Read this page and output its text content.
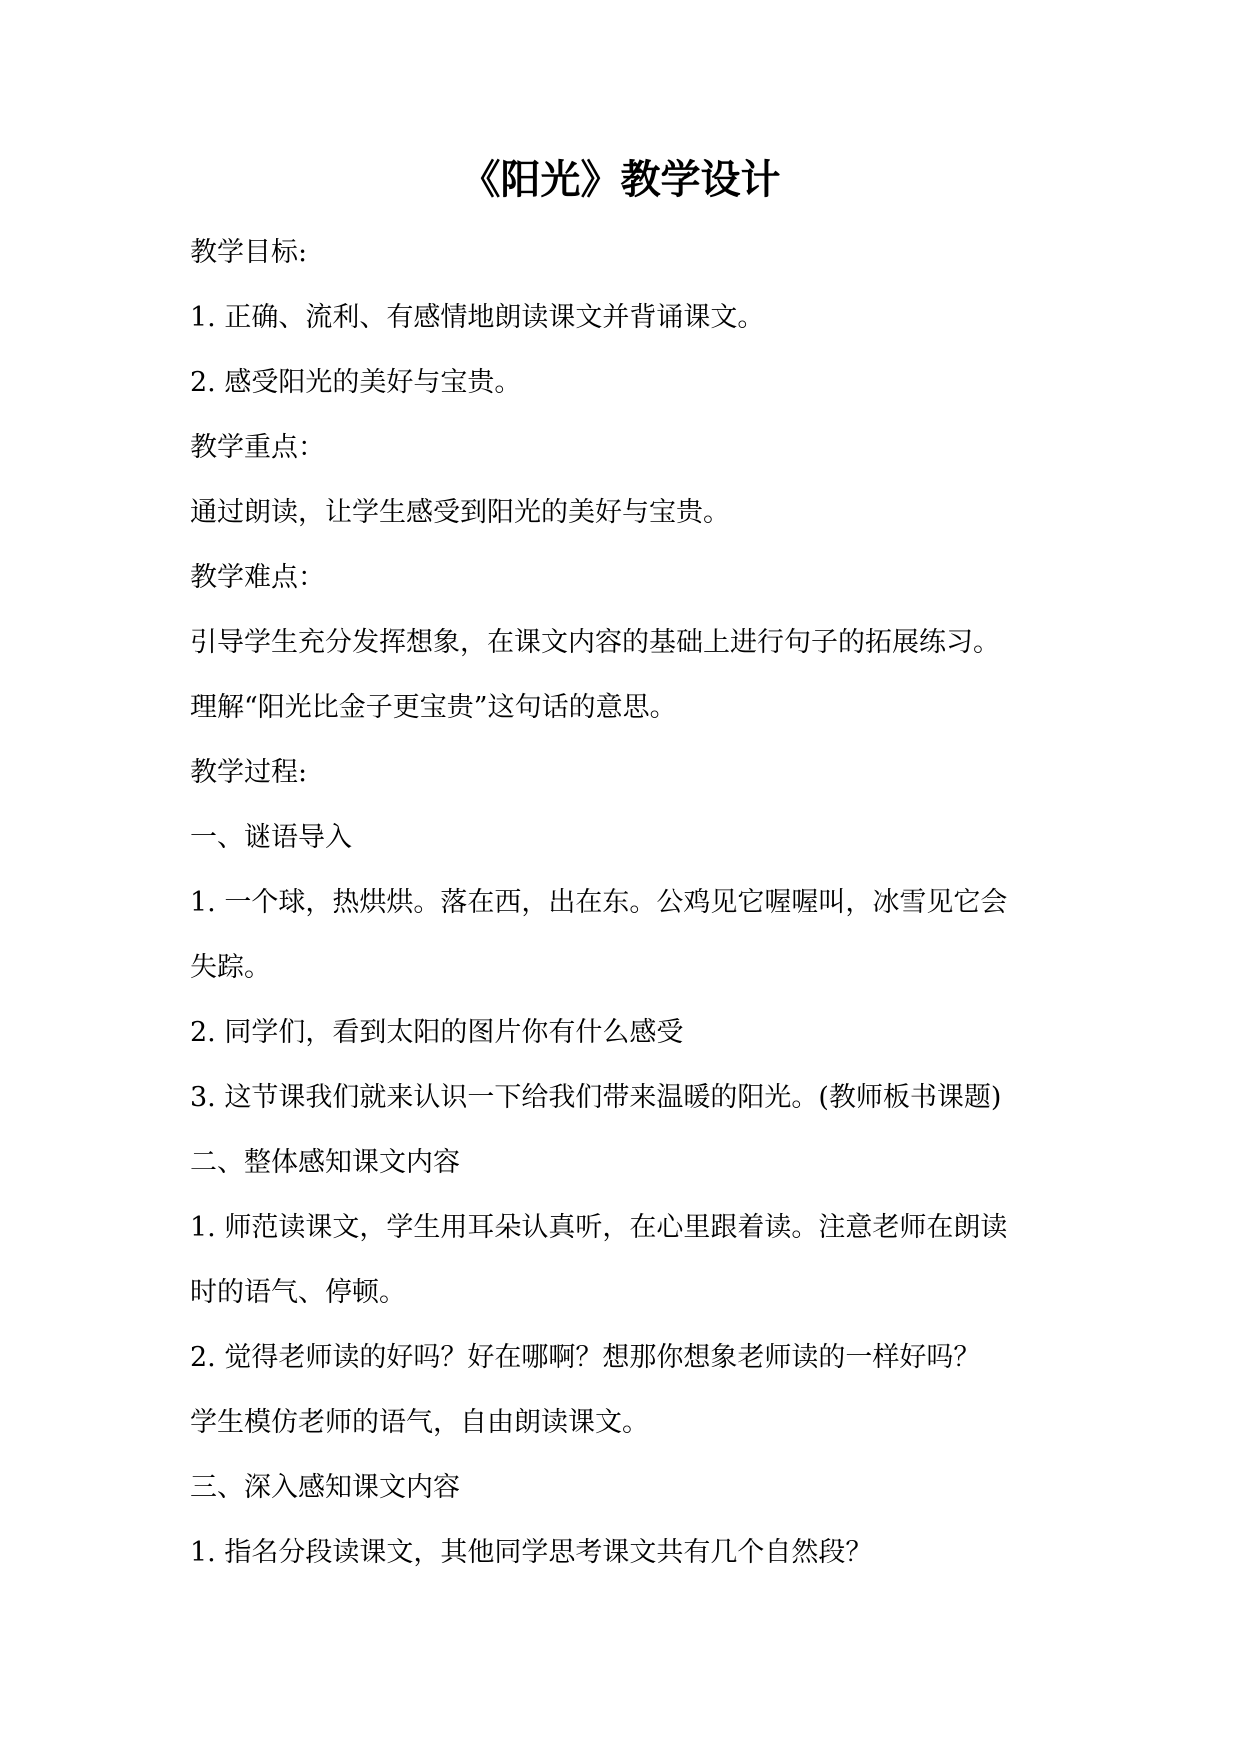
《阳光》教学设计

教学目标:

1. 正确、流利、有感情地朗读课文并背诵课文。

2. 感受阳光的美好与宝贵。

教学重点：

通过朗读，让学生感受到阳光的美好与宝贵。

教学难点：

引导学生充分发挥想象，在课文内容的基础上进行句子的拓展练习。

理解“阳光比金子更宝贵”这句话的意思。

教学过程:

一、谜语导入

1. 一个球，热烘烘。落在西，出在东。公鸡见它喔喔叫，冰雪见它会

失踪。

2. 同学们，看到太阳的图片你有什么感受

3. 这节课我们就来认识一下给我们带来温暖的阳光。(教师板书课题)

二、整体感知课文内容

1. 师范读课文，学生用耳朵认真听，在心里跟着读。注意老师在朗读

时的语气、停顿。

2. 觉得老师读的好吗？好在哪啊？想那你想象老师读的一样好吗？

学生模仿老师的语气，自由朗读课文。

三、深入感知课文内容

1. 指名分段读课文，其他同学思考课文共有几个自然段？
